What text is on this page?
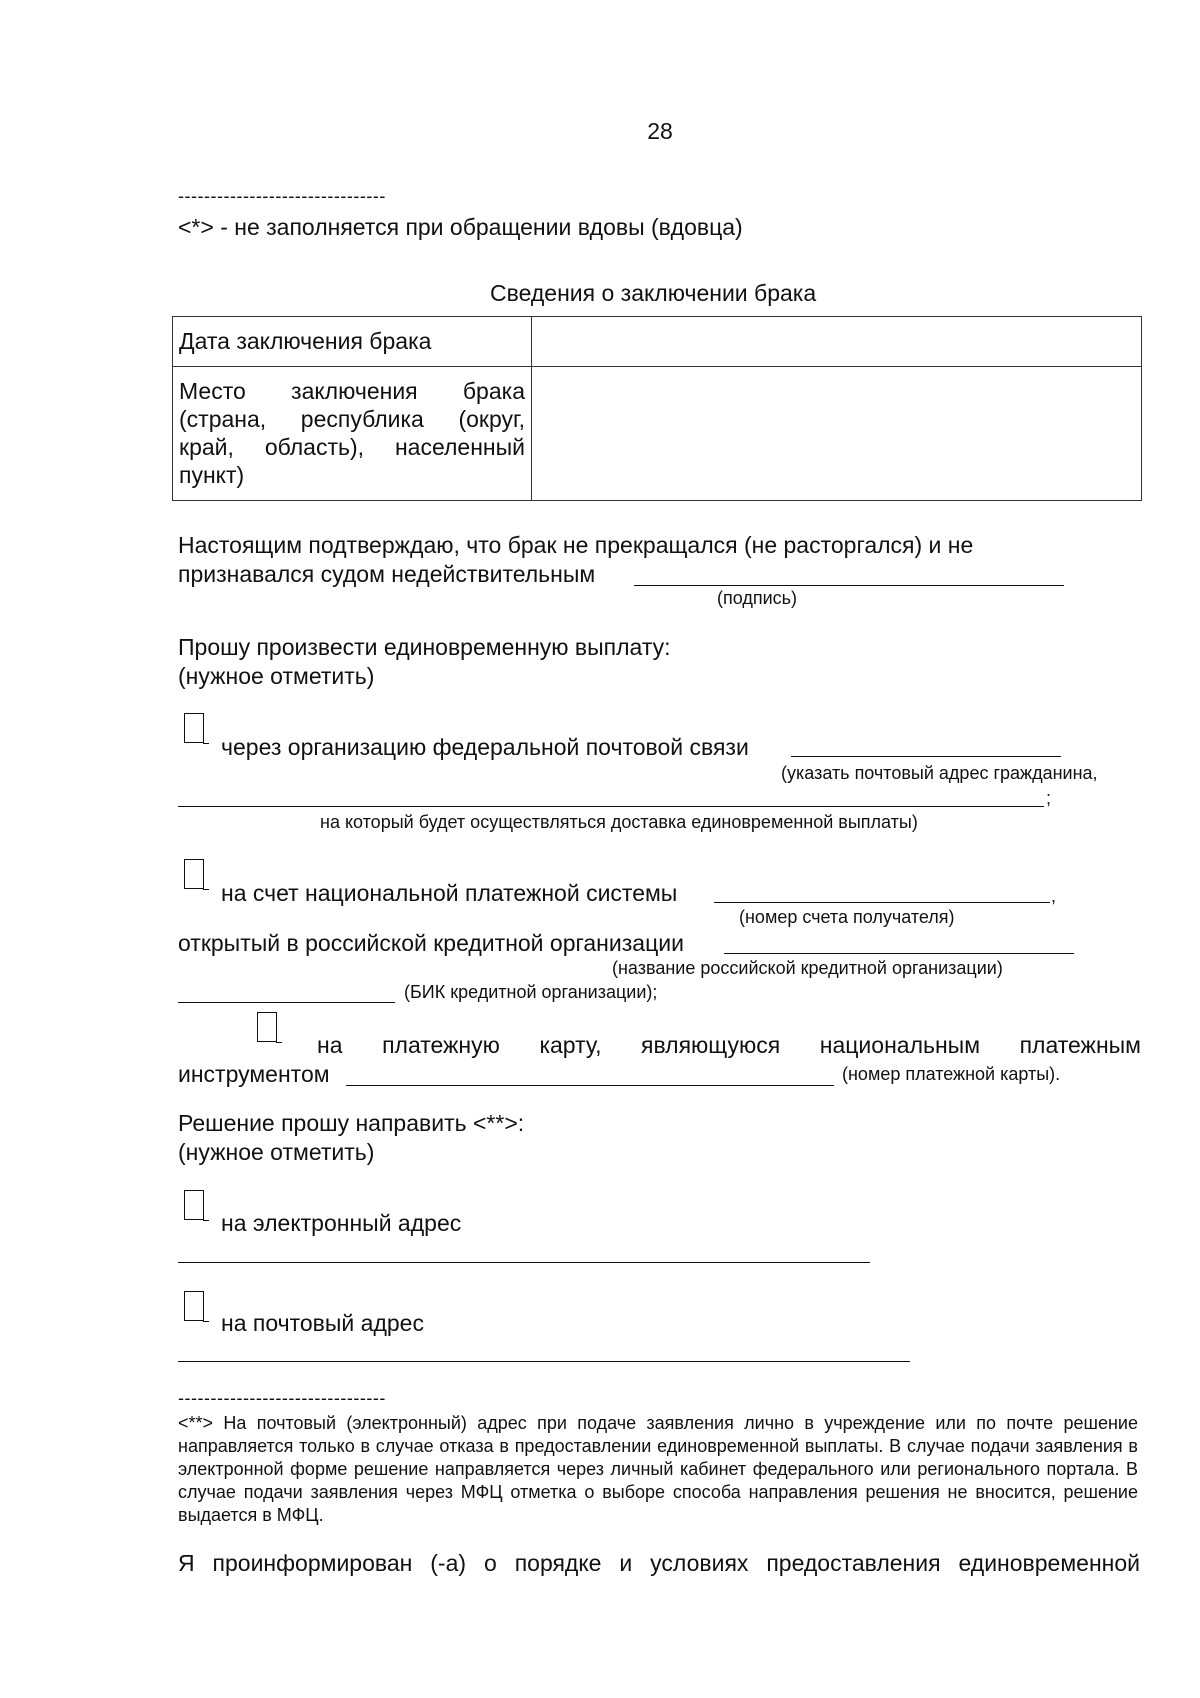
28
--------------------------------
<*> - не заполняется при обращении вдовы (вдовца)
Сведения о заключении брака
Дата заключения брака	
Место заключения брака (страна, республика (округ, край, область), населенный пункт)	
Настоящим подтверждаю, что брак не прекращался (не расторгался) и не
признавался судом недействительным
(подпись)
Прошу произвести единовременную выплату:
(нужное отметить)
через организацию федеральной почтовой связи
(указать почтовый адрес гражданина,
;
на который будет осуществляться доставка единовременной выплаты)
на счет национальной платежной системы	,
(номер счета получателя)
открытый в российской кредитной организации
(название российской кредитной организации)
(БИК кредитной организации);
на платежную карту, являющуюся национальным платежным
инструментом	(номер платежной карты).
Решение прошу направить <**>:
(нужное отметить)
на электронный адрес
на почтовый адрес
--------------------------------
<**> На почтовый (электронный) адрес при подаче заявления лично в учреждение или по почте решение направляется только в случае отказа в предоставлении единовременной выплаты. В случае подачи заявления в электронной форме решение направляется через личный кабинет федерального или регионального портала. В случае подачи заявления через МФЦ отметка о выборе способа направления решения не вносится, решение выдается в МФЦ.
Я проинформирован (-а) о порядке и условиях предоставления единовременной
